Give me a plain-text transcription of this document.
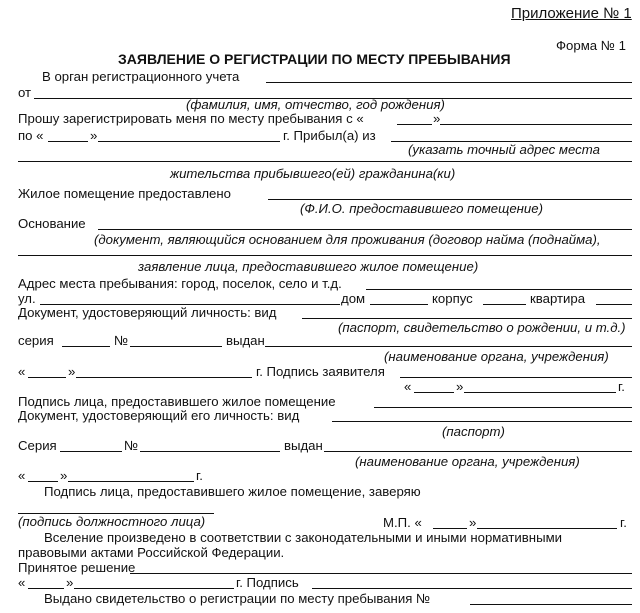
Приложение № 1
Форма № 1
ЗАЯВЛЕНИЕ О РЕГИСТРАЦИИ ПО МЕСТУ ПРЕБЫВАНИЯ
В орган регистрационного учета
от
(фамилия, имя, отчество, год рождения)
Прошу зарегистрировать меня по месту пребывания с «	»
по «	»	г. Прибыл(а) из
(указать точный адрес места
жительства прибывшего(ей) гражданина(ки)
Жилое помещение предоставлено
(Ф.И.О. предоставившего помещение)
Основание
(документ, являющийся основанием для проживания (договор найма (поднайма),
заявление лица, предоставившего жилое помещение)
Адрес места пребывания: город, поселок, село и т.д.
ул.	дом	корпус	квартира
Документ, удостоверяющий личность: вид
(паспорт, свидетельство о рождении, и т.д.)
серия	№	выдан
(наименование органа, учреждения)
«	»	г. Подпись заявителя
«	»	г.
Подпись лица, предоставившего жилое помещение
Документ, удостоверяющий его личность: вид
(паспорт)
Серия	№	выдан
(наименование органа, учреждения)
«	»	г.
Подпись лица, предоставившего жилое помещение, заверяю
(подпись должностного лица)	М.П. «	»	г.
Вселение произведено в соответствии с законодательными и иными нормативными
правовыми актами Российской Федерации.
Принятое решение
«	»	г. Подпись
Выдано свидетельство о регистрации по месту пребывания №
